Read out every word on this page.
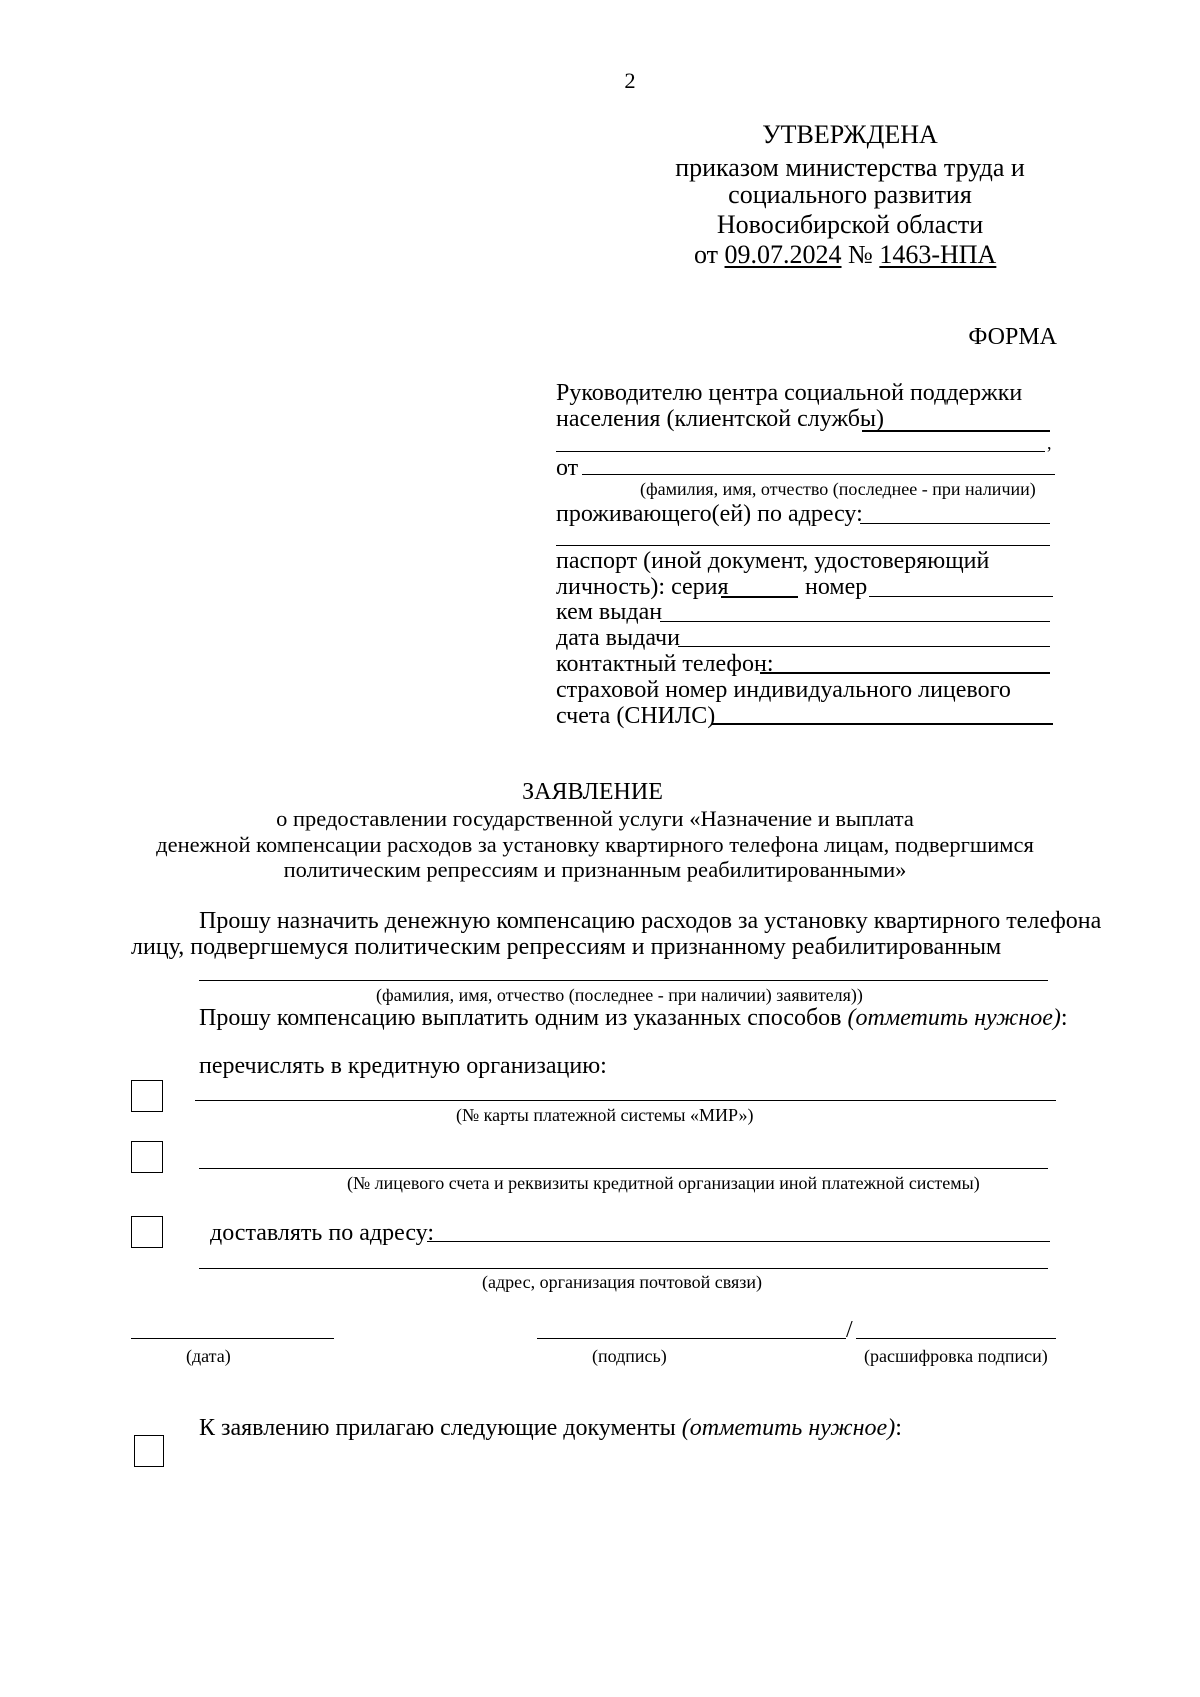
2
УТВЕРЖДЕНА
приказом министерства труда и
социального развития
Новосибирской области
от 09.07.2024 № 1463-НПА
ФОРМА
Руководителю центра социальной поддержки
населения (клиентской службы)
,
от
(фамилия, имя, отчество (последнее - при наличии)
проживающего(ей) по адресу:
паспорт (иной документ, удостоверяющий
личность): серия	номер
кем выдан
дата выдачи
контактный телефон:
страховой номер индивидуального лицевого
счета (СНИЛС)
ЗАЯВЛЕНИЕ
о предоставлении государственной услуги «Назначение и выплата
денежной компенсации расходов за установку квартирного телефона лицам, подвергшимся
политическим репрессиям и признанным реабилитированными»
Прошу назначить денежную компенсацию расходов за установку квартирного телефона
лицу, подвергшемуся политическим репрессиям и признанному реабилитированным
(фамилия, имя, отчество (последнее - при наличии) заявителя))
Прошу компенсацию выплатить одним из указанных способов (отметить нужное):
перечислять в кредитную организацию:
(№ карты платежной системы «МИР»)
(№ лицевого счета и реквизиты кредитной организации иной платежной системы)
доставлять по адресу:
(адрес, организация почтовой связи)
/
(дата)	(подпись)	(расшифровка подписи)
К заявлению прилагаю следующие документы (отметить нужное):
